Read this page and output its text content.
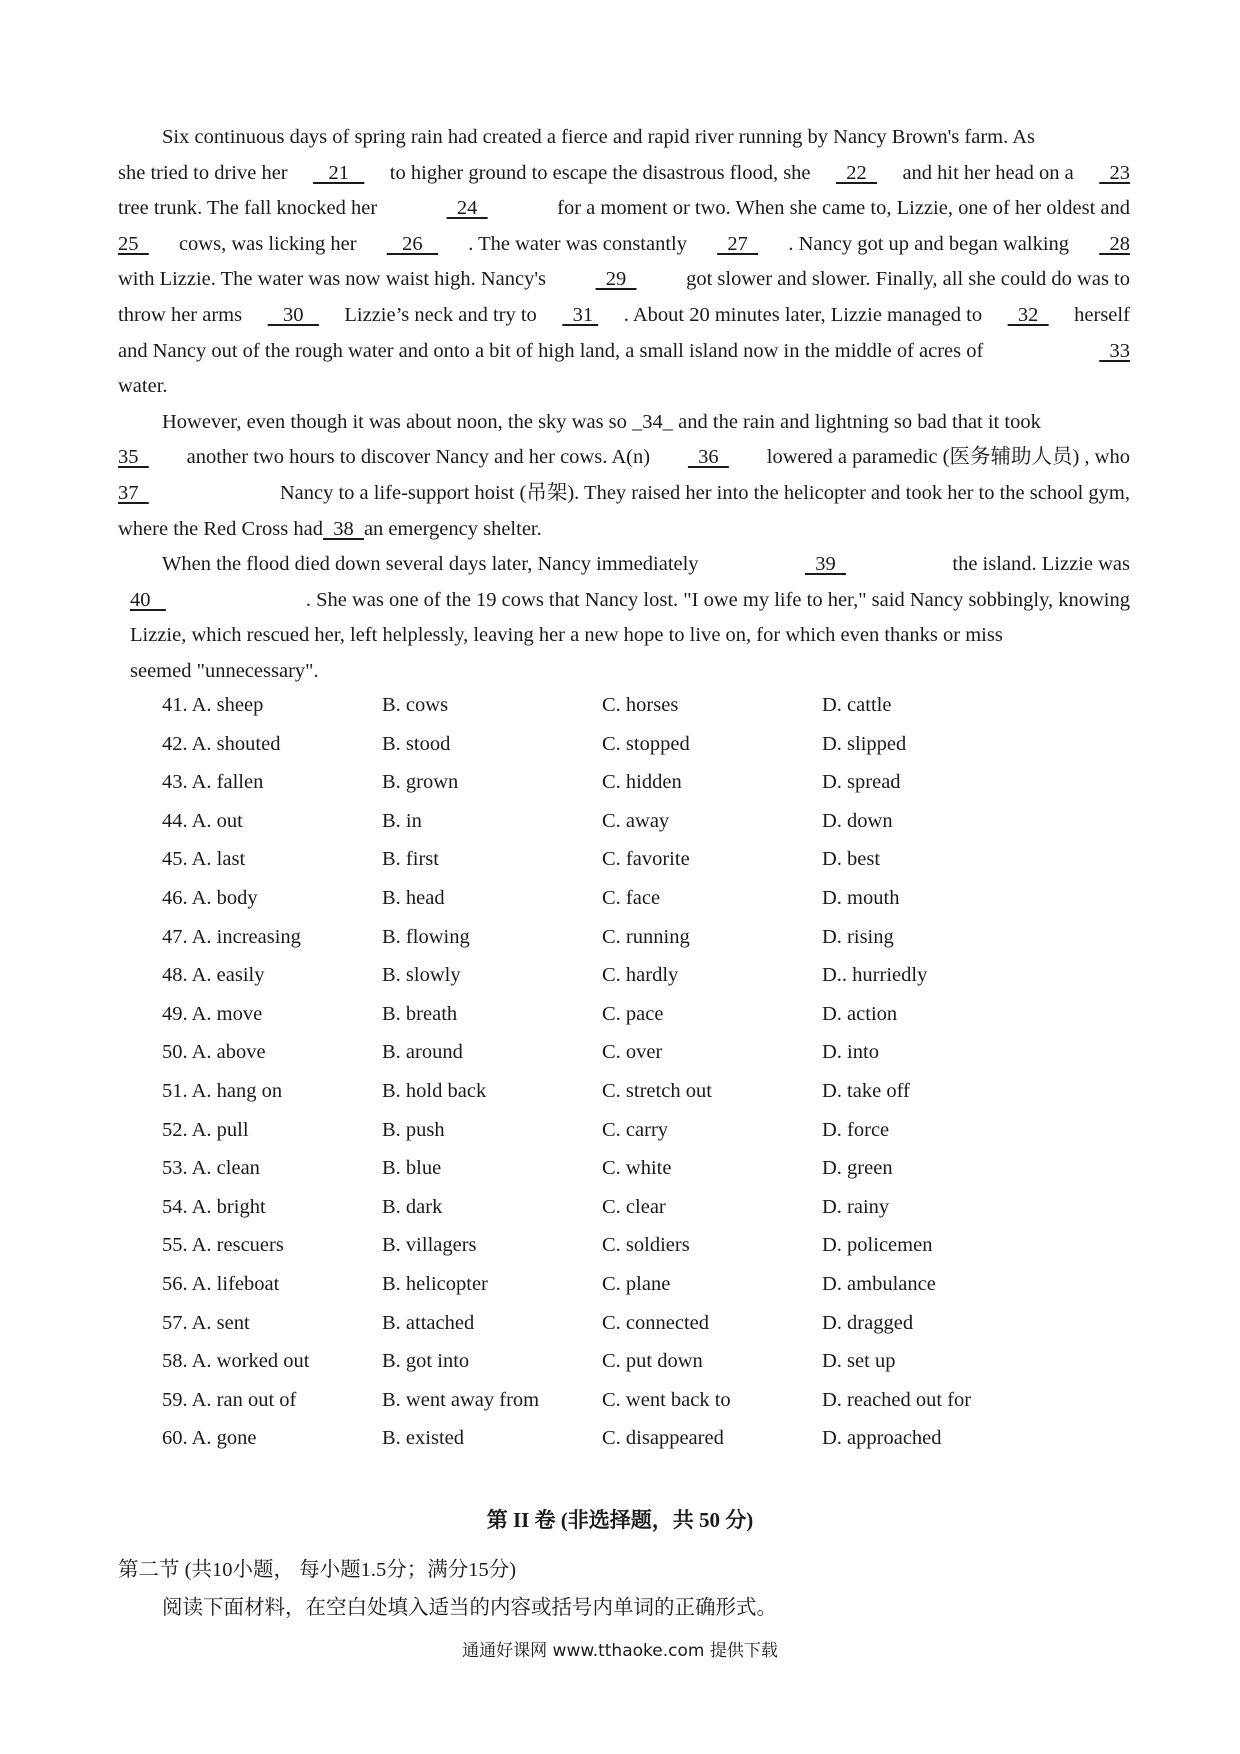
Six continuous days of spring rain had created a fierce and rapid river running by Nancy Brown's farm. As
she tried to drive her 21 to higher ground to escape the disastrous flood, she 22 and hit her head on a 23
tree trunk. The fall knocked her	24	for a moment or two. When she came to, Lizzie, one of her oldest and
25 cows, was licking her 26 . The water was constantly 27 . Nancy got up and began walking 28
with Lizzie. The water was now waist high. Nancy's 29 got slower and slower. Finally, all she could do was to
throw her arms 30 Lizzie’s neck and try to 31 . About 20 minutes later, Lizzie managed to 32 herself
and Nancy out of the rough water and onto a bit of high land, a small island now in the middle of acres of	33
water.
However, even though it was about noon, the sky was so _34_ and the rain and lightning so bad that it took
35 another two hours to discover Nancy and her cows. A(n) 36 lowered a paramedic (医务辅助人员) , who
37	Nancy to a life-support hoist (吊架). They raised her into the helicopter and took her to the school gym,
where the Red Cross had 38 an emergency shelter.
When the flood died down several days later, Nancy immediately	39	the island. Lizzie was
40	. She was one of the 19 cows that Nancy lost. "I owe my life to her," said Nancy sobbingly, knowing
Lizzie, which rescued her, left helplessly, leaving her a new hope to live on, for which even thanks or miss
seemed "unnecessary".
41. A. sheep	B. cows	C. horses	D. cattle
42. A. shouted	B. stood	C. stopped	D. slipped
43. A. fallen	B. grown	C. hidden	D. spread
44. A. out	B. in	C. away	D. down
45. A. last	B. first	C. favorite	D. best
46. A. body	B. head	C. face	D. mouth
47. A. increasing	B. flowing	C. running	D. rising
48. A. easily	B. slowly	C. hardly	D.. hurriedly
49. A. move	B. breath	C. pace	D. action
50. A. above	B. around	C. over	D. into
51. A. hang on	B. hold back	C. stretch out	D. take off
52. A. pull	B. push	C. carry	D. force
53. A. clean	B. blue	C. white	D. green
54. A. bright	B. dark	C. clear	D. rainy
55. A. rescuers	B. villagers	C. soldiers	D. policemen
56. A. lifeboat	B. helicopter	C. plane	D. ambulance
57. A. sent	B. attached	C. connected	D. dragged
58. A. worked out	B. got into	C. put down	D. set up
59. A. ran out of	B. went away from	C. went back to	D. reached out for
60. A. gone	B. existed	C. disappeared	D. approached
第 II 卷 (非选择题，共 50 分)
第二节 (共10小题， 每小题1.5分；满分15分)
阅读下面材料，在空白处填入适当的内容或括号内单词的正确形式。
通通好课网 www.tthaoke.com 提供下载
